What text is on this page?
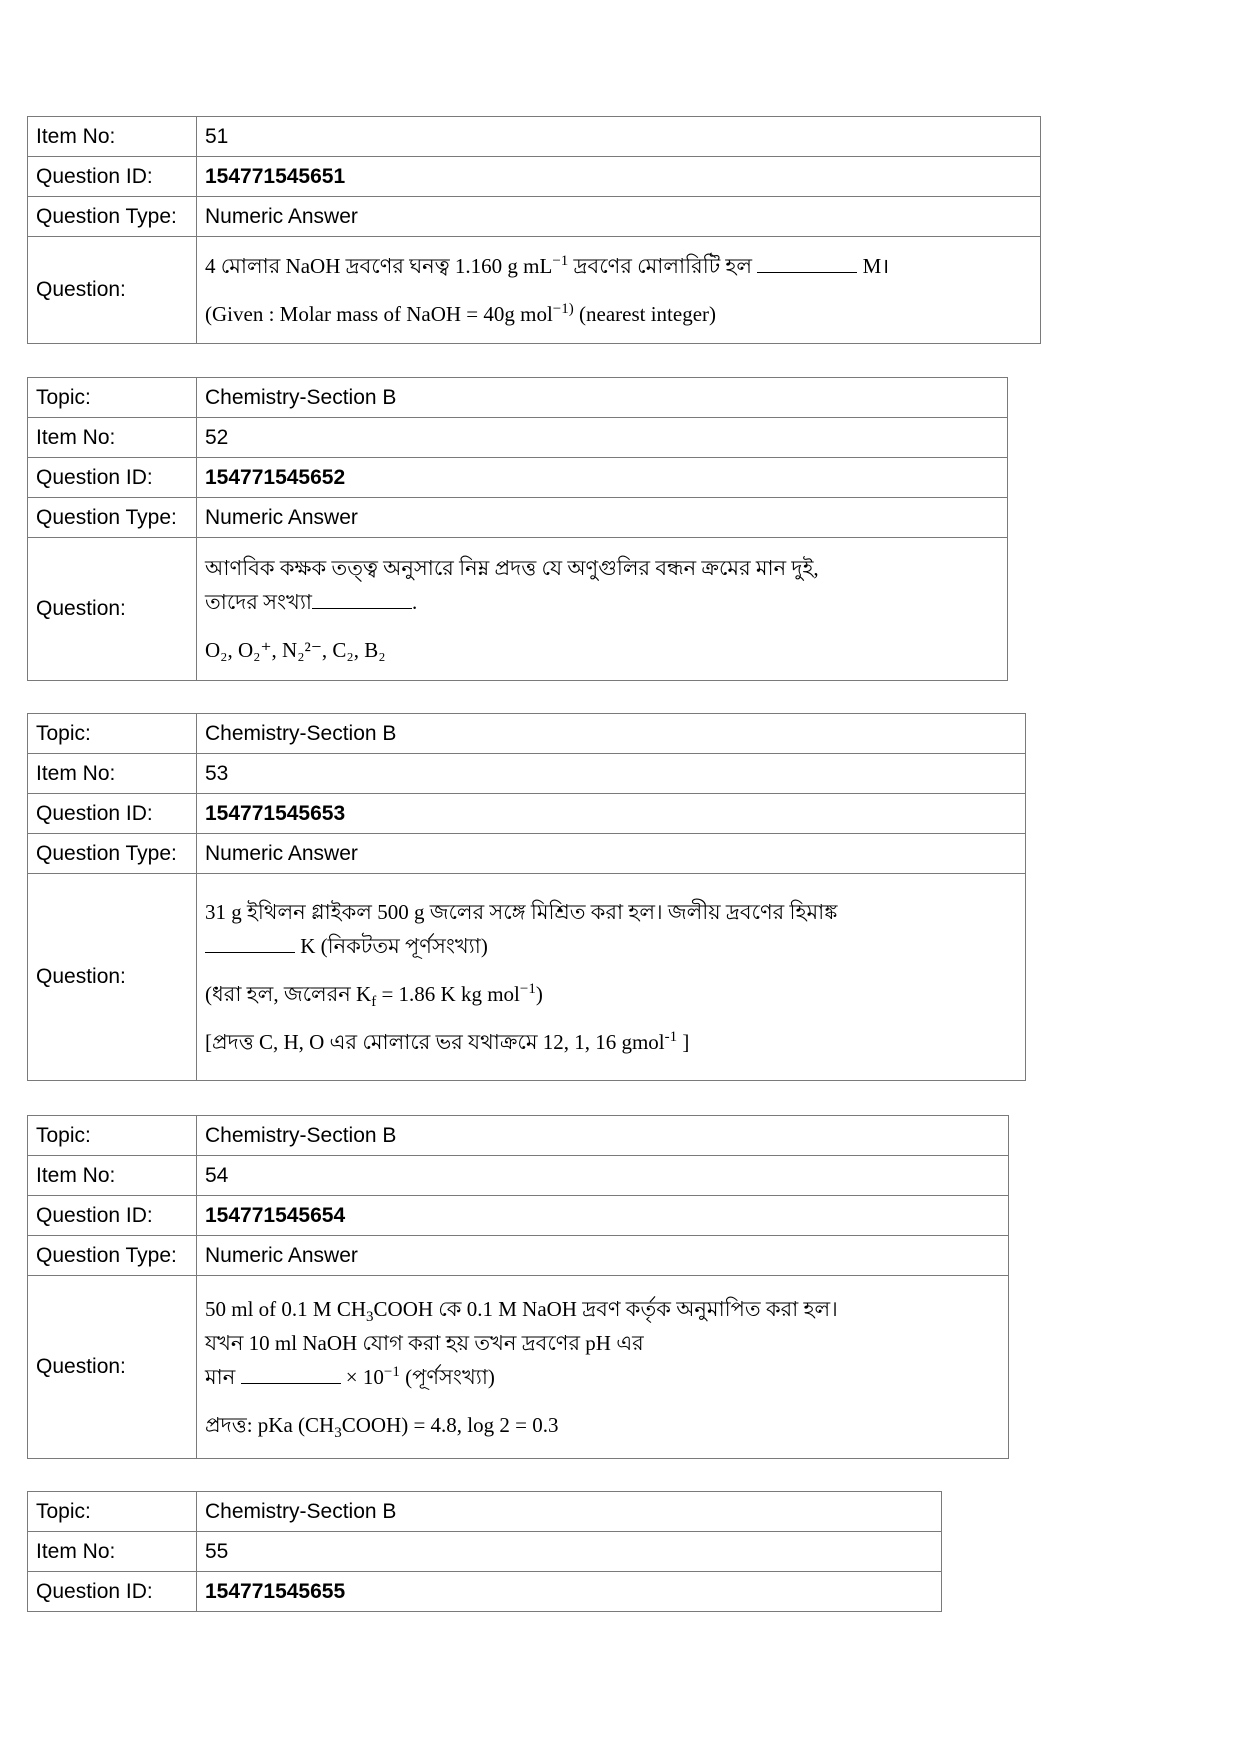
Item No:	51
Question ID:	154771545651
Question Type:	Numeric Answer
Question:	4 মোলার NaOH দ্রবণের ঘনত্ব 1.160 g $mL^{-1}$ দ্রবণের মোলারিটি হল M।
(Given : Molar mass of NaOH = 40g mol$^{-1)}$ (nearest integer)
Topic:	Chemistry-Section B
Item No:	52
Question ID:	154771545652
Question Type:	Numeric Answer
Question:	আণবিক কক্ষক তত্ত্ব অনুসারে নিম্ন প্রদত্ত যে অণুগুলির বন্ধন ক্রমের মান দুই,
তাদের সংখ্যা .
O₂, O₂⁺, N₂²⁻, C₂, B₂
Topic:	Chemistry-Section B
Item No:	53
Question ID:	154771545653
Question Type:	Numeric Answer
Question:	31 g ইথিলন গ্লাইকল 500 g জলের সঙ্গে মিশ্রিত করা হল। জলীয় দ্রবণের হিমাঙ্ক
K (নিকটতম পূর্ণসংখ্যা)
(ধরা হল, জলেরন $K_f = 1.86$ K kg mol$^{-1}$)
[প্রদত্ত C, H, O এর মোলারে ভর যথাক্রমে 12, 1, 16 gmol$^{-1}$ ]
Topic:	Chemistry-Section B
Item No:	54
Question ID:	154771545654
Question Type:	Numeric Answer
Question:	50 ml of 0.1 M $CH_3COOH$ কে 0.1 M NaOH দ্রবণ কর্তৃক অনুমাপিত করা হল।
যখন 10 ml NaOH যোগ করা হয় তখন দ্রবণের pH এর
মান × $10^{-1}$ (পূর্ণসংখ্যা)
প্রদত্ত: pKa $(CH_3COOH) = 4.8$, log 2 = 0.3
Topic:	Chemistry-Section B
Item No:	55
Question ID:	154771545655
